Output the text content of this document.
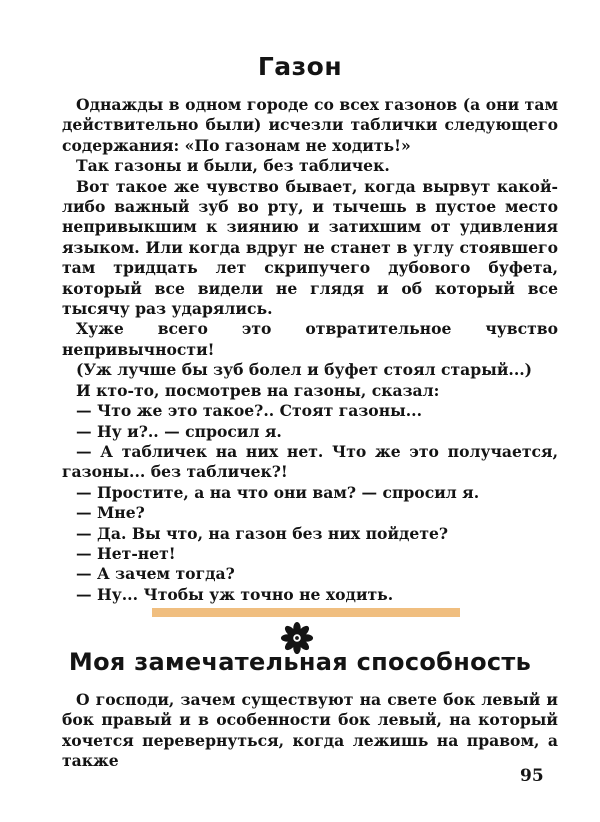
Газон

Однажды в одном городе со всех газонов (а они там действительно были) исчезли таблички следующего содержания: «По газонам не ходить!»

Так газоны и были, без табличек.

Вот такое же чувство бывает, когда вырвут какой-либо важный зуб во рту, и тычешь в пустое место непривыкшим к зиянию и затихшим от удивления языком. Или когда вдруг не станет в углу стоявшего там тридцать лет скрипучего дубового буфета, который все видели не глядя и об который все тысячу раз ударялись.

Хуже всего это отвратительное чувство непривычности!

(Уж лучше бы зуб болел и буфет стоял старый...)

И кто-то, посмотрев на газоны, сказал:

— Что же это такое?.. Стоят газоны...

— Ну и?.. — спросил я.

— А табличек на них нет. Что же это получается, газоны... без табличек?!

— Простите, а на что они вам? — спросил я.

— Мне?

— Да. Вы что, на газон без них пойдете?

— Нет-нет!

— А зачем тогда?

— Ну... Чтобы уж точно не ходить.

Моя замечательная способность

О господи, зачем существуют на свете бок левый и бок правый и в особенности бок левый, на который хочется перевернуться, когда лежишь на правом, а также

95
